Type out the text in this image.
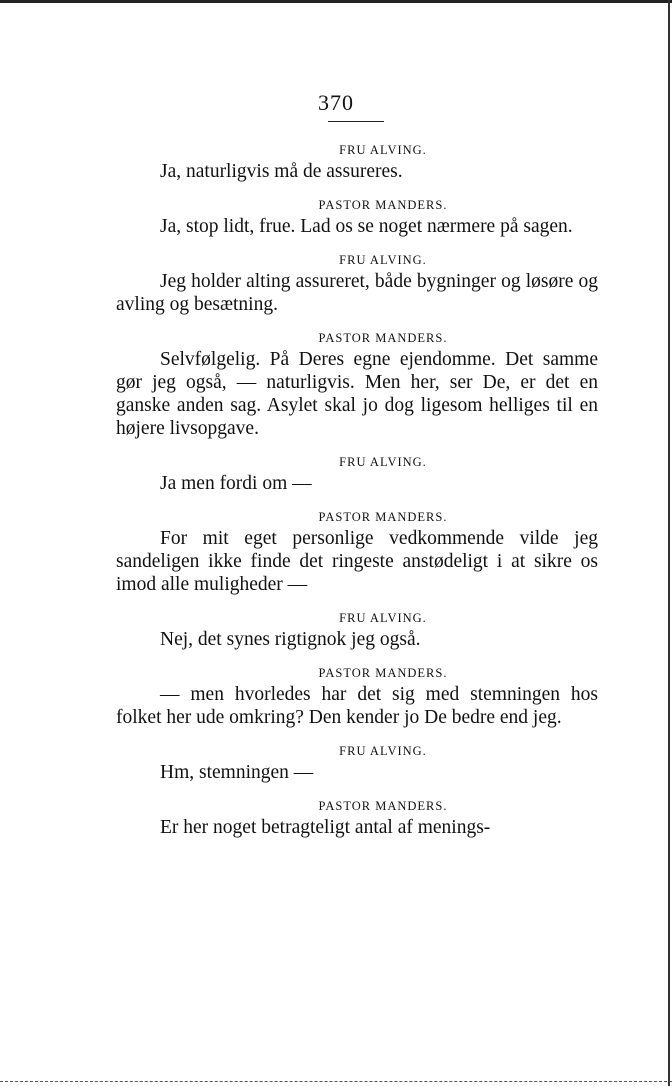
370

FRU ALVING.

Ja, naturligvis må de assureres.

PASTOR MANDERS.

Ja, stop lidt, frue. Lad os se noget nærmere på sagen.

FRU ALVING.

Jeg holder alting assureret, både bygninger og løsøre og avling og besætning.

PASTOR MANDERS.

Selvfølgelig. På Deres egne ejendomme. Det samme gør jeg også, — naturligvis. Men her, ser De, er det en ganske anden sag. Asylet skal jo dog ligesom helliges til en højere livsopgave.

FRU ALVING.

Ja men fordi om —

PASTOR MANDERS.

For mit eget personlige vedkommende vilde jeg sandeligen ikke finde det ringeste anstødeligt i at sikre os imod alle muligheder —

FRU ALVING.

Nej, det synes rigtignok jeg også.

PASTOR MANDERS.

— men hvorledes har det sig med stemningen hos folket her ude omkring? Den kender jo De bedre end jeg.

FRU ALVING.

Hm, stemningen —

PASTOR MANDERS.

Er her noget betragteligt antal af menings-
